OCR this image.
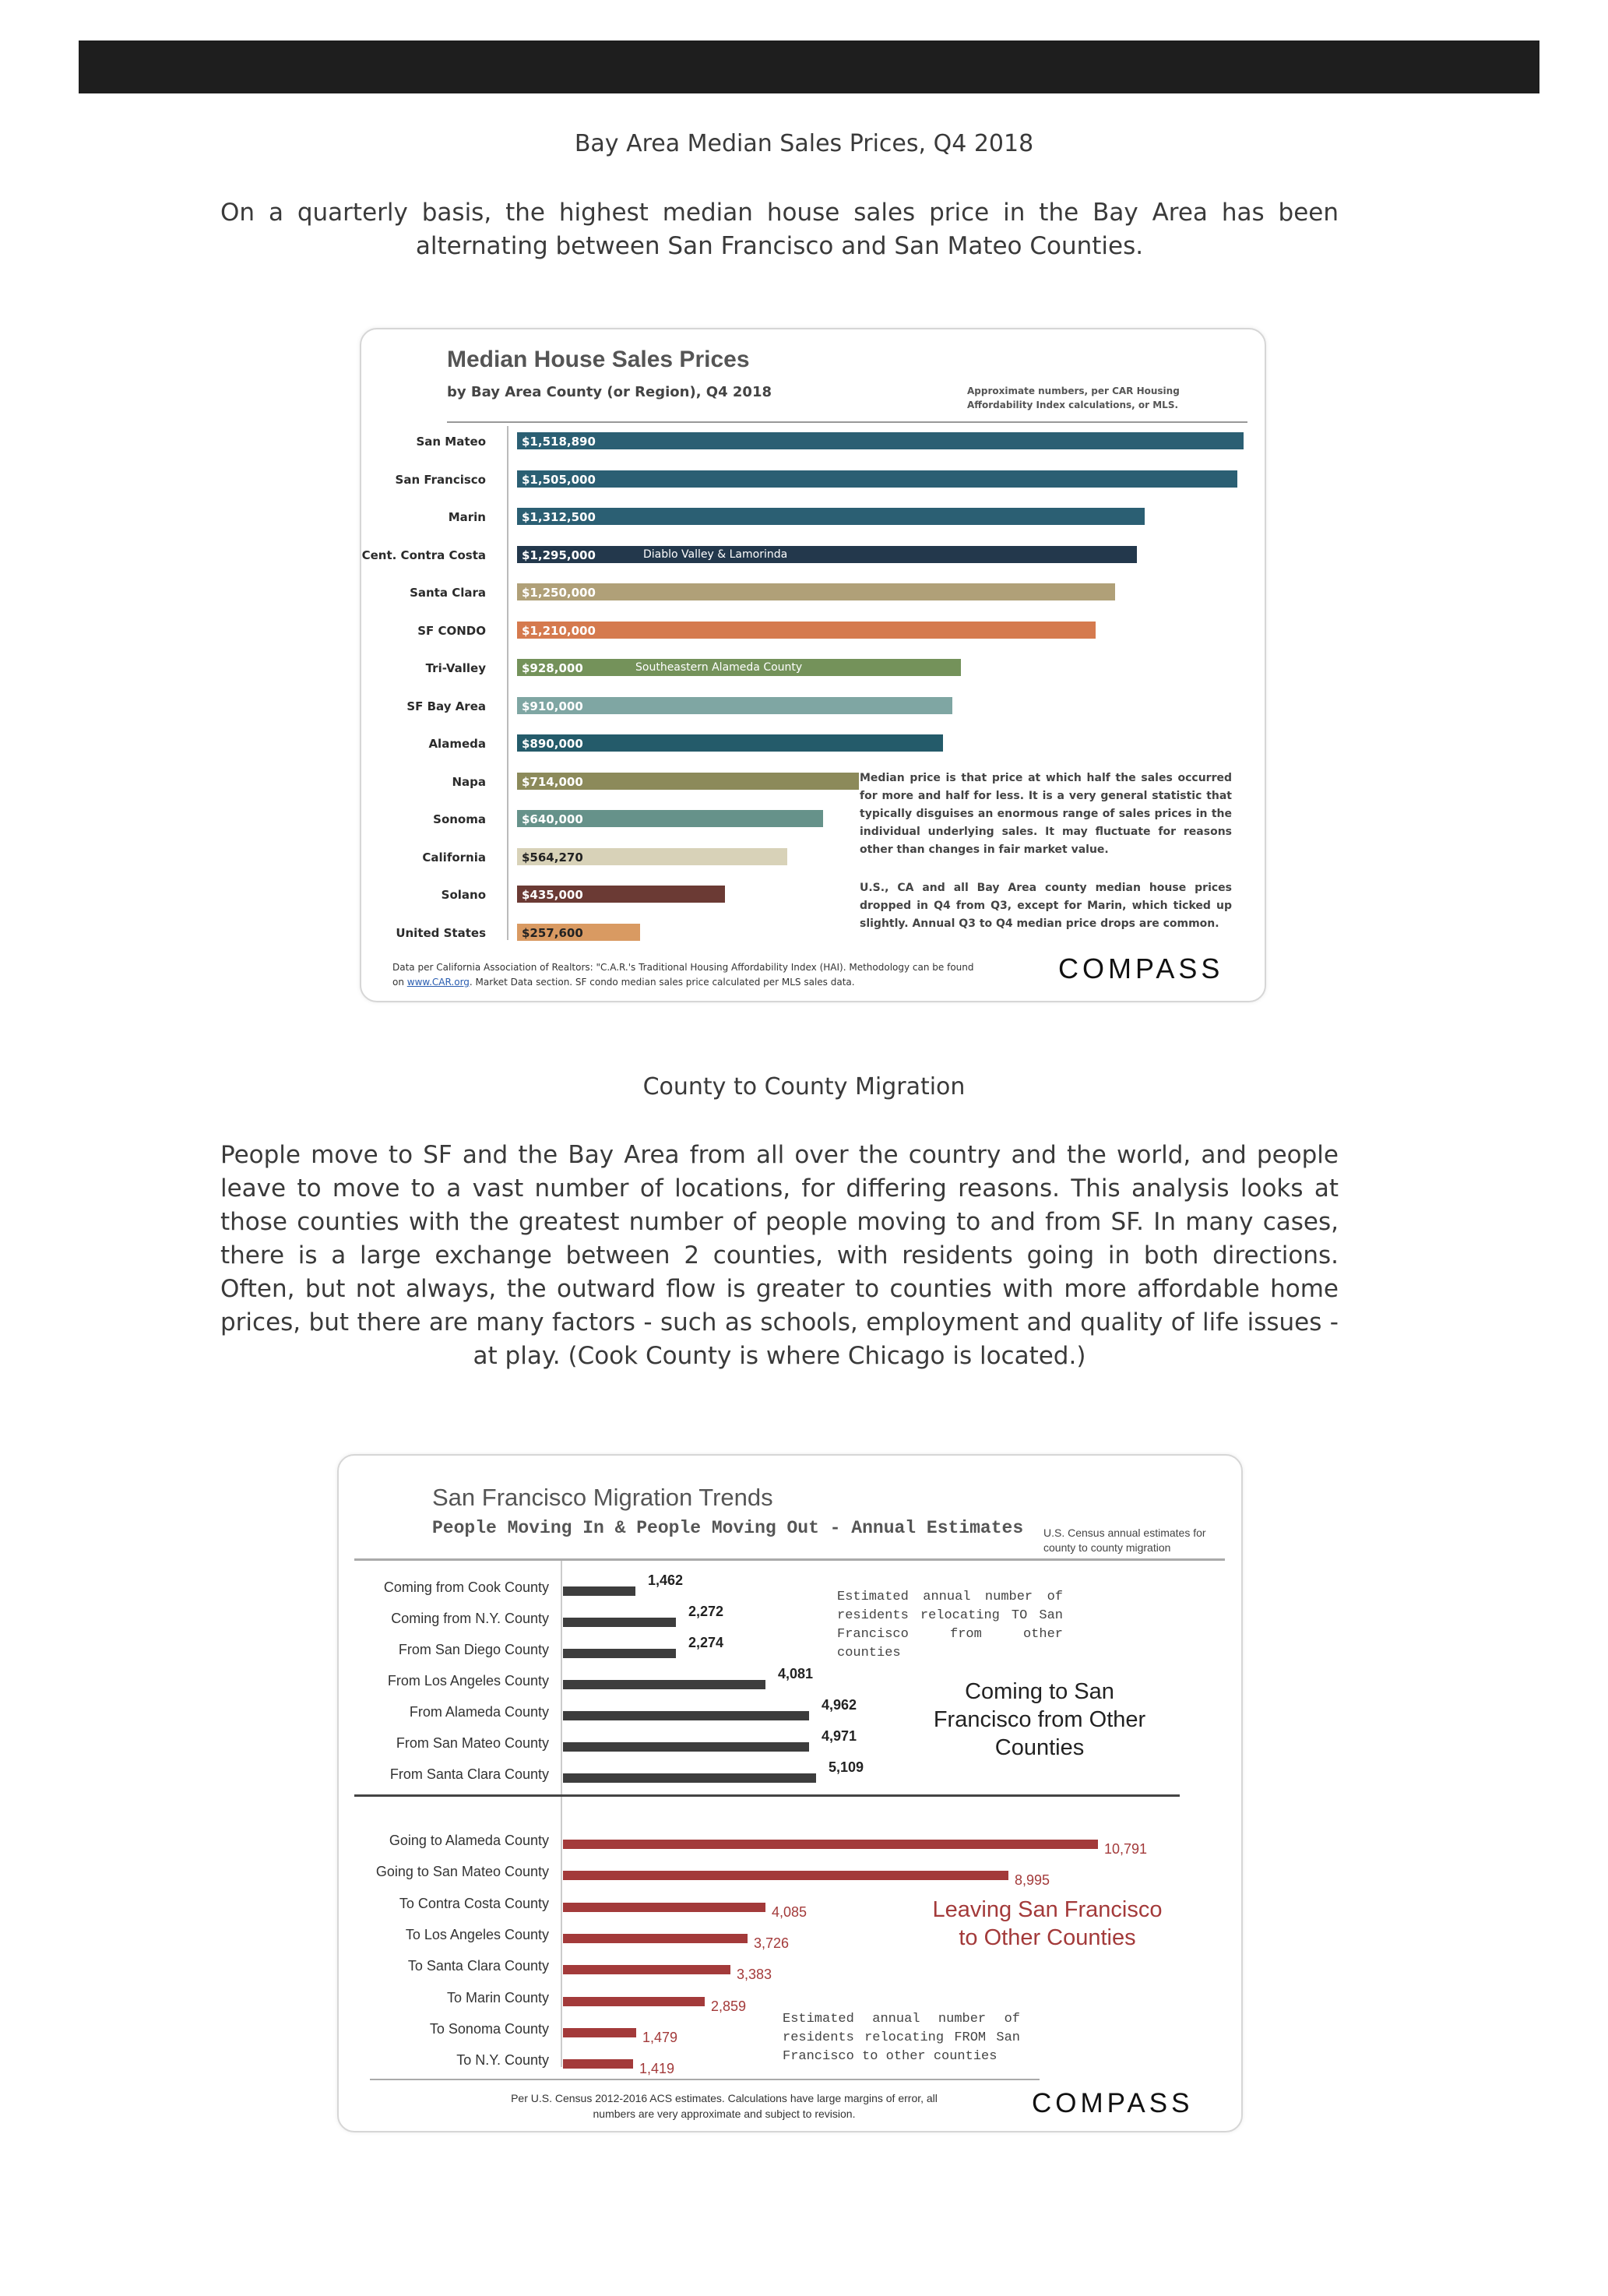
Bay Area Median Sales Prices, Q4 2018
On a quarterly basis, the highest median house sales price in the Bay Area has been alternating between San Francisco and San Mateo Counties.
Median House Sales Prices
by Bay Area County (or Region), Q4 2018	Approximate numbers, per CAR Housing Affordability Index calculations, or MLS.
San Mateo	$1,518,890
San Francisco	$1,505,000
Marin	$1,312,500
Cent. Contra Costa	$1,295,000	Diablo Valley & Lamorinda
Santa Clara	$1,250,000
SF CONDO	$1,210,000
Tri-Valley	$928,000	Southeastern Alameda County
SF Bay Area	$910,000
Alameda	$890,000
Napa	$714,000
Sonoma	$640,000
California	$564,270
Solano	$435,000
United States	$257,600
Median price is that price at which half the sales occurred for more and half for less. It is a very general statistic that typically disguises an enormous range of sales prices in the individual underlying sales. It may fluctuate for reasons other than changes in fair market value.
U.S., CA and all Bay Area county median house prices dropped in Q4 from Q3, except for Marin, which ticked up slightly. Annual Q3 to Q4 median price drops are common.
Data per California Association of Realtors: "C.A.R.'s Traditional Housing Affordability Index (HAI). Methodology can be found
on www.CAR.org. Market Data section. SF condo median sales price calculated per MLS sales data.	COMPASS
County to County Migration
People move to SF and the Bay Area from all over the country and the world, and people leave to move to a vast number of locations, for differing reasons. This analysis looks at those counties with the greatest number of people moving to and from SF. In many cases, there is a large exchange between 2 counties, with residents going in both directions. Often, but not always, the outward flow is greater to counties with more affordable home prices, but there are many factors - such as schools, employment and quality of life issues - at play. (Cook County is where Chicago is located.)
San Francisco Migration Trends
People Moving In & People Moving Out - Annual Estimates U.S. Census annual estimates for county to county migration
Coming from Cook County	1,462
Coming from N.Y. County	2,272
From San Diego County	2,274
From Los Angeles County	4,081
From Alameda County	4,962
From San Mateo County	4,971
From Santa Clara County	5,109
Going to Alameda County
10,791
Going to San Mateo County
8,995
To Contra Costa County
4,085
To Los Angeles County
3,726
To Santa Clara County
3,383
To Marin County
2,859
To Sonoma County
1,479
To N.Y. County
1,419
Estimated annual number of residents relocating TO San Francisco from other counties
Coming to San Francisco from Other Counties
Leaving San Francisco to Other Counties
Estimated annual number of residents relocating FROM San Francisco to other counties
Per U.S. Census 2012-2016 ACS estimates. Calculations have large margins of error, all numbers are very approximate and subject to revision.	COMPASS
